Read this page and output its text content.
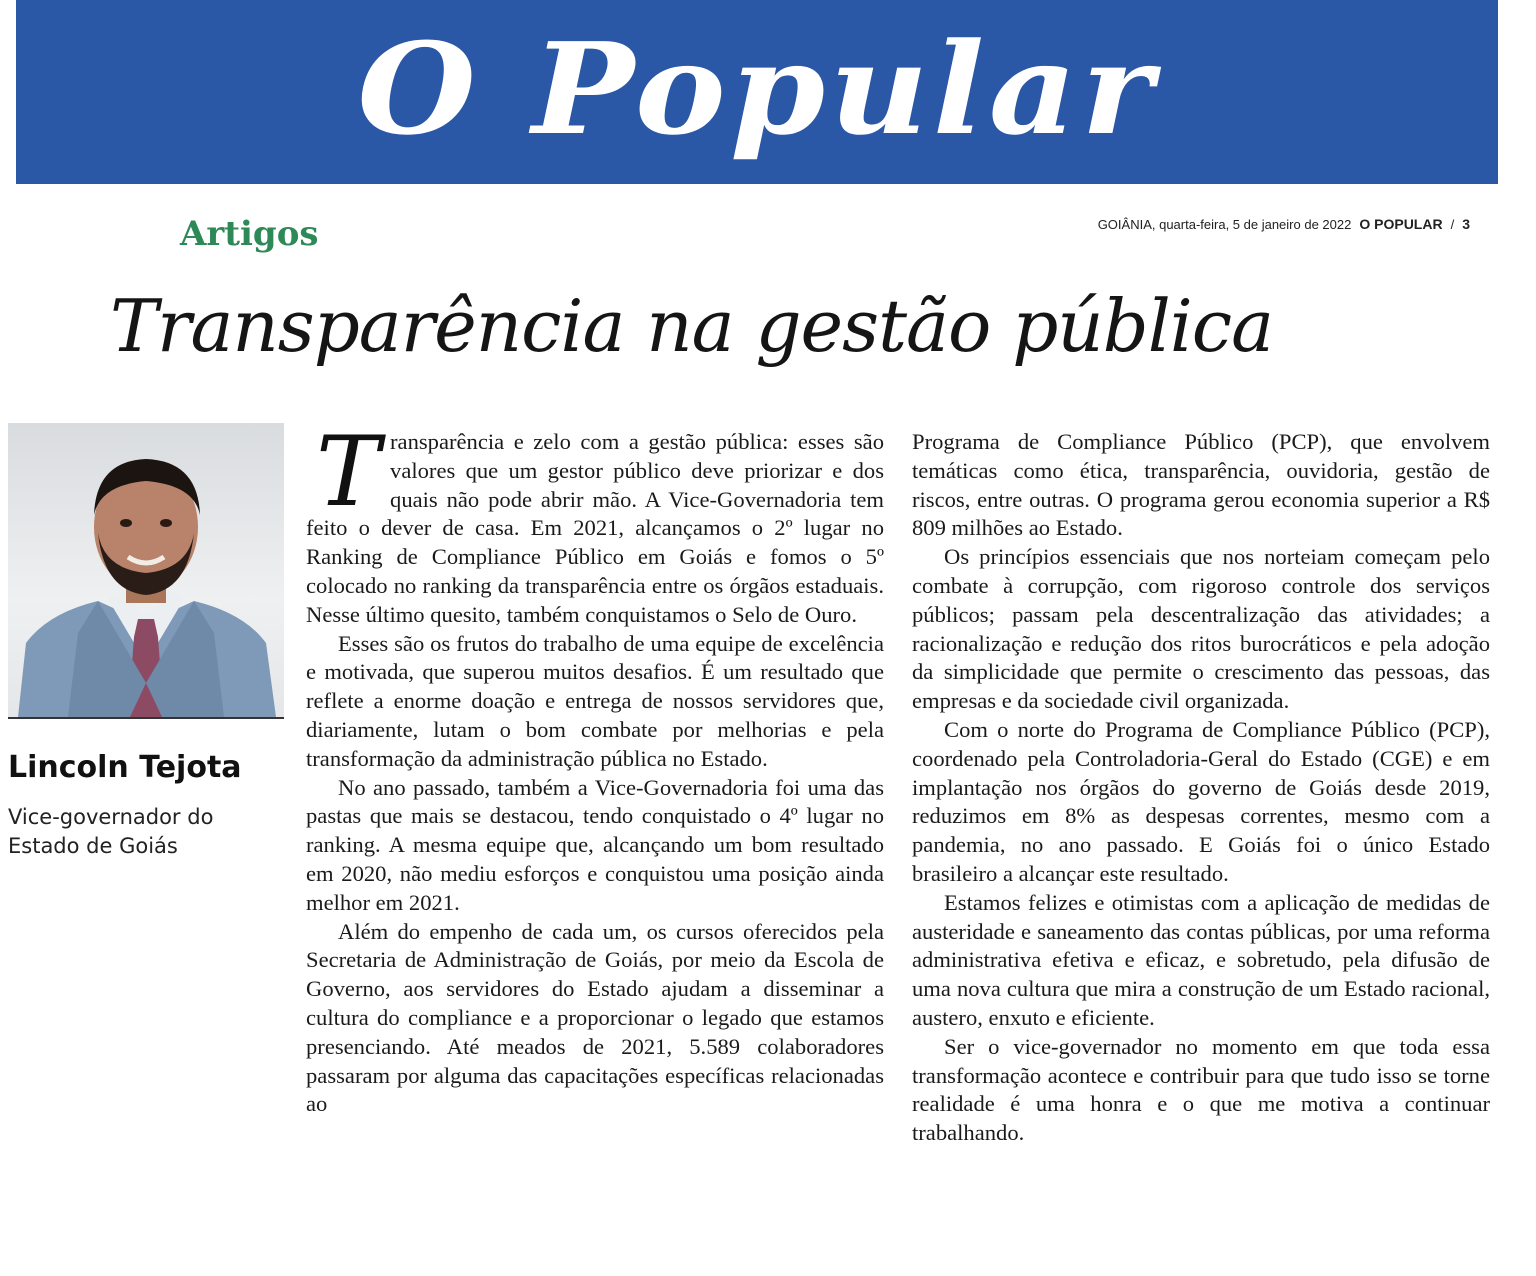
O Popular
Artigos	GOIÂNIA, quarta-feira, 5 de janeiro de 2022 O POPULAR / 3
Transparência na gestão pública
Lincoln Tejota
Vice-governador do Estado de Goiás

Transparência e zelo com a gestão pública: esses são valores que um gestor público deve priorizar e dos quais não pode abrir mão. A Vice-Governadoria tem feito o dever de casa. Em 2021, alcançamos o 2º lugar no Ranking de Compliance Público em Goiás e fomos o 5º colocado no ranking da transparência entre os órgãos estaduais. Nesse último quesito, também conquistamos o Selo de Ouro.

Esses são os frutos do trabalho de uma equipe de excelência e motivada, que superou muitos desafios. É um resultado que reflete a enorme doação e entrega de nossos servidores que, diariamente, lutam o bom combate por melhorias e pela transformação da administração pública no Estado.

No ano passado, também a Vice-Governadoria foi uma das pastas que mais se destacou, tendo conquistado o 4º lugar no ranking. A mesma equipe que, alcançando um bom resultado em 2020, não mediu esforços e conquistou uma posição ainda melhor em 2021.

Além do empenho de cada um, os cursos oferecidos pela Secretaria de Administração de Goiás, por meio da Escola de Governo, aos servidores do Estado ajudam a disseminar a cultura do compliance e a proporcionar o legado que estamos presenciando. Até meados de 2021, 5.589 colaboradores passaram por alguma das capacitações específicas relacionadas ao

Programa de Compliance Público (PCP), que envolvem temáticas como ética, transparência, ouvidoria, gestão de riscos, entre outras. O programa gerou economia superior a R$ 809 milhões ao Estado.

Os princípios essenciais que nos norteiam começam pelo combate à corrupção, com rigoroso controle dos serviços públicos; passam pela descentralização das atividades; a racionalização e redução dos ritos burocráticos e pela adoção da simplicidade que permite o crescimento das pessoas, das empresas e da sociedade civil organizada.

Com o norte do Programa de Compliance Público (PCP), coordenado pela Controladoria-Geral do Estado (CGE) e em implantação nos órgãos do governo de Goiás desde 2019, reduzimos em 8% as despesas correntes, mesmo com a pandemia, no ano passado. E Goiás foi o único Estado brasileiro a alcançar este resultado.

Estamos felizes e otimistas com a aplicação de medidas de austeridade e saneamento das contas públicas, por uma reforma administrativa efetiva e eficaz, e sobretudo, pela difusão de uma nova cultura que mira a construção de um Estado racional, austero, enxuto e eficiente.

Ser o vice-governador no momento em que toda essa transformação acontece e contribuir para que tudo isso se torne realidade é uma honra e o que me motiva a continuar trabalhando.
